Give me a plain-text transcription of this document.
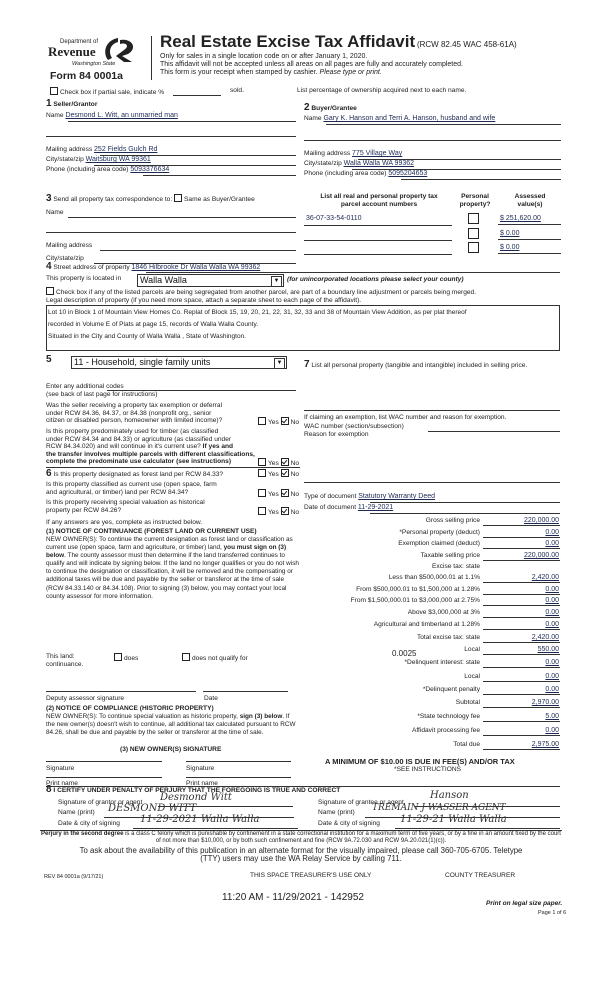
Department of
Revenue
Washington State
Form 84 0001a
Real Estate Excise Tax Affidavit (RCW 82.45 WAC 458-61A)
Only for sales in a single location code on or after January 1, 2020.
This affidavit will not be accepted unless all areas on all pages are fully and accurately completed.
This form is your receipt when stamped by cashier. Please type or print.
Check box if partial sale, indicate %	sold.	List percentage of ownership acquired next to each name.
1 Seller/Grantor
Name Desmond L. Witt, an unmarried man
Mailing address 252 Fields Gulch Rd
City/state/zip Waitsburg WA 99361
Phone (including area code) 5093376634
2 Buyer/Grantee
Name Gary K. Hanson and Terri A. Hanson, husband and wife
Mailing address 775 Village Way
City/state/zip Walla Walla WA 99362
Phone (including area code) 5095204653
3 Send all property tax correspondence to: Same as Buyer/Grantee
Name
Mailing address
City/state/zip
List all real and personal property tax
parcel account numbers
Personal
property?
Assessed
value(s)
36-07-33-54-0110	$ 251,620.00
$ 0.00
$ 0.00
4 Street address of property 1846 Hilbrooke Dr Walla Walla WA 99362
This property is located in	Walla Walla	▼	(for unincorporated locations please select your county)
Check box if any of the listed parcels are being segregated from another parcel, are part of a boundary line adjustment or parcels being merged.
Legal description of property (if you need more space, attach a separate sheet to each page of the affidavit).
Lot 10 in Block 1 of Mountain View Homes Co. Replat of Block 15, 19, 20, 21, 22, 31, 32, 33 and 38 of Mountain View Addition, as per plat thereof
recorded in Volume E of Plats at page 15, records of Walla Walla County.
Situated in the City and County of Walla Walla , State of Washington.
5	11 - Household, single family units	▼
Enter any additional codes
(see back of last page for instructions)
Was the seller receiving a property tax exemption or deferral
under RCW 84.36, 84.37, or 84.38 (nonprofit org., senior
citizen or disabled person, homeowner with limited income)?	Yes No
Is this property predominately used for timber (as classified
under RCW 84.34 and 84.33) or agriculture (as classified under
RCW 84.34.020) and will continue in it's current use? If yes and
the transfer involves multiple parcels with different classifications,
complete the predominate use calculator (see instructions)	Yes No
6 Is this property designated as forest land per RCW 84.33?	Yes No
Is this property classified as current use (open space, farm
and agricultural, or timber) land per RCW 84.34?	Yes No
Is this property receiving special valuation as historical
property per RCW 84.26?	Yes No
If any answers are yes, complete as instructed below.
(1) NOTICE OF CONTINUANCE (FOREST LAND OR CURRENT USE)
NEW OWNER(S): To continue the current designation as forest land or classification as current use (open space, farm and agriculture, or timber) land, you must sign on (3) below. The county assessor must then determine if the land transferred continues to qualify and will indicate by signing below. If the land no longer qualifies or you do not wish to continue the designation or classification, it will be removed and the compensating or additional taxes will be due and payable by the seller or transferor at the time of sale (RCW 84.33.140 or 84.34.108). Prior to signing (3) below, you may contact your local county assessor for more information.
This land:	does	does not qualify for
continuance.
Deputy assessor signature	Date
(2) NOTICE OF COMPLIANCE (HISTORIC PROPERTY)
NEW OWNER(S): To continue special valuation as historic property, sign (3) below. If the new owner(s) doesn't wish to continue, all additional tax calculated pursuant to RCW 84.26, shall be due and payable by the seller or transferor at the time of sale.
(3) NEW OWNER(S) SIGNATURE
Signature	Signature
Print name	Print name
7 List all personal property (tangible and intangible) included in selling price.
If claiming an exemption, list WAC number and reason for exemption.
WAC number (section/subsection)
Reason for exemption
Type of document Statutory Warranty Deed
Date of document 11-29-2021
Gross selling price	220,000.00
*Personal property (deduct)	0.00
Exemption claimed (deduct)	0.00
Taxable selling price	220,000.00
Excise tax: state
Less than $500,000.01 at 1.1%	2,420.00
From $500,000.01 to $1,500,000 at 1.28%	0.00
From $1,500,000.01 to $3,000,000 at 2.75%	0.00
Above $3,000,000 at 3%	0.00
Agricultural and timberland at 1.28%	0.00
Total excise tax: state	2,420.00
Local	550.00
*Delinquent interest: state	0.00
Local	0.00
*Delinquent penalty	0.00
Subtotal	2,970.00
*State technology fee	5.00
Affidavit processing fee	0.00
Total due	2,975.00
0.0025
A MINIMUM OF $10.00 IS DUE IN FEE(S) AND/OR TAX
*SEE INSTRUCTIONS
8 I CERTIFY UNDER PENALTY OF PERJURY THAT THE FOREGOING IS TRUE AND CORRECT
Signature of grantor or agent Desmond Witt
Name (print) DESMOND WITT
Date & city of signing 11-29-2021 Walla Walla
Signature of grantee or agent
Hanson
Name (print) TREMAIN J WASSER AGENT
Date & city of signing 11-29-21 Walla Walla
Perjury in the second degree is a class C felony which is punishable by confinement in a state correctional institution for a maximum term of five years, or by a fine in an amount fixed by the court of not more than $10,000, or by both such confinement and fine (RCW 9A.72.030 and RCW 9A.20.021(1)(c)).
To ask about the availability of this publication in an alternate format for the visually impaired, please call 360-705-6705. Teletype
(TTY) users may use the WA Relay Service by calling 711.
REV 84 0001a (9/17/21)	THIS SPACE TREASURER'S USE ONLY	COUNTY TREASURER
11:20 AM - 11/29/2021 - 142952
Print on legal size paper.
Page 1 of 6
